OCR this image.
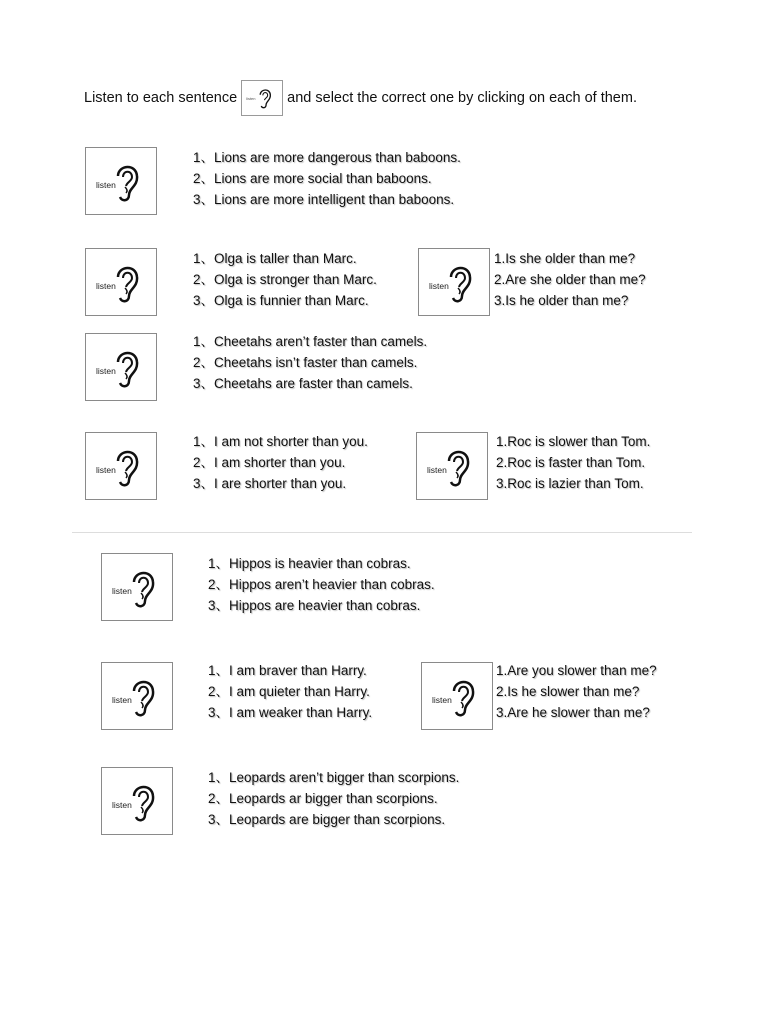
Listen to each sentence listen and select the correct one by clicking on each of them.
listen
1、Lions are more dangerous than baboons.
2、Lions are more social than baboons.
3、Lions are more intelligent than baboons.
listen
1、Olga is taller than Marc.
2、Olga is stronger than Marc.
3、Olga is funnier than Marc.
listen
1.Is she older than me?
2.Are she older than me?
3.Is he older than me?
listen
1、Cheetahs aren’t faster than camels.
2、Cheetahs isn’t faster than camels.
3、Cheetahs are faster than camels.
listen
1、I am not shorter than you.
2、I am shorter than you.
3、I are shorter than you.
listen
1.Roc is slower than Tom.
2.Roc is faster than Tom.
3.Roc is lazier than Tom.
listen
1、Hippos is heavier than cobras.
2、Hippos aren’t heavier than cobras.
3、Hippos are heavier than cobras.
listen
1、I am braver than Harry.
2、I am quieter than Harry.
3、I am weaker than Harry.
listen
1.Are you slower than me?
2.Is he slower than me?
3.Are he slower than me?
listen
1、Leopards aren’t bigger than scorpions.
2、Leopards ar bigger than scorpions.
3、Leopards are bigger than scorpions.
